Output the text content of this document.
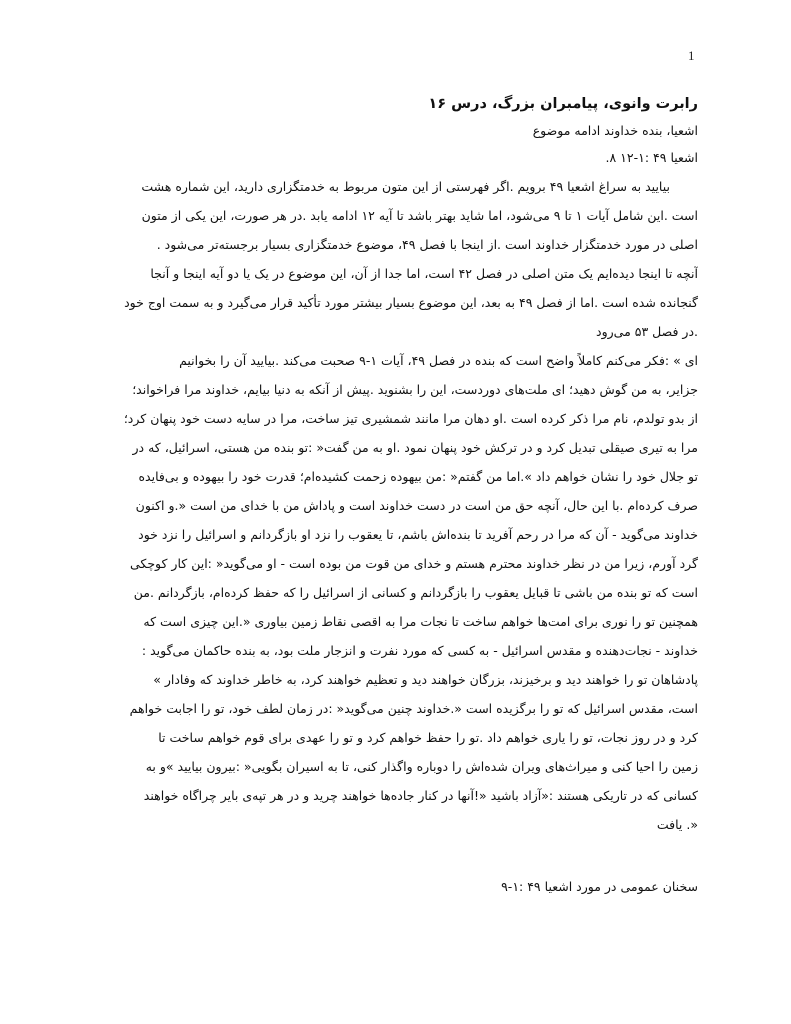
1
رابرت وانوی، پیامبران بزرگ، درس ۱۶
اشعیا، بنده خداوند ادامه موضوع
اشعیا ۴۹ :۱-۱۲ ۸.

بیایید به سراغ اشعیا ۴۹ برویم .اگر فهرستی از این متون مربوط به خدمتگزاری دارید، این شماره هشت
است .این شامل آیات ۱ تا ۹ می‌شود، اما شاید بهتر باشد تا آیه ۱۲ ادامه یابد .در هر صورت، این یکی از متون
اصلی در مورد خدمتگزار خداوند است .از اینجا با فصل ۴۹، موضوع خدمتگزاری بسیار برجسته‌تر می‌شود .
آنچه تا اینجا دیده‌ایم یک متن اصلی در فصل ۴۲ است، اما جدا از آن، این موضوع در یک یا دو آیه اینجا و آنجا
گنجانده شده است .اما از فصل ۴۹ به بعد، این موضوع بسیار بیشتر مورد تأکید قرار می‌گیرد و به سمت اوج خود
.در فصل ۵۳ می‌رود

ای » :فکر می‌کنم کاملاً واضح است که بنده در فصل ۴۹، آیات ۱-۹ صحبت می‌کند .بیایید آن را بخوانیم
جزایر، به من گوش دهید؛ ای ملت‌های دوردست، این را بشنوید .پیش از آنکه به دنیا بیایم، خداوند مرا فراخواند؛
از بدو تولدم، نام مرا ذکر کرده است .او دهان مرا مانند شمشیری تیز ساخت، مرا در سایه دست خود پنهان کرد؛
مرا به تیری صیقلی تبدیل کرد و در ترکش خود پنهان نمود .او به من گفت« :تو بنده من هستی، اسرائیل، که در
تو جلال خود را نشان خواهم داد ».اما من گفتم« :من بیهوده زحمت کشیده‌ام؛ قدرت خود را بیهوده و بی‌فایده
صرف کرده‌ام .با این حال، آنچه حق من است در دست خداوند است و پاداش من با خدای من است «.و اکنون
خداوند می‌گوید - آن که مرا در رحم آفرید تا بنده‌اش باشم، تا یعقوب را نزد او بازگردانم و اسرائیل را نزد خود
گرد آورم، زیرا من در نظر خداوند محترم هستم و خدای من قوت من بوده است - او می‌گوید« :این کار کوچکی
است که تو بنده من باشی تا قبایل یعقوب را بازگردانم و کسانی از اسرائیل را که حفظ کرده‌ام، بازگردانم .من
همچنین تو را نوری برای امت‌ها خواهم ساخت تا نجات مرا به اقصی نقاط زمین بیاوری «.این چیزی است که
خداوند - نجات‌دهنده و مقدس اسرائیل - به کسی که مورد نفرت و انزجار ملت بود، به بنده حاکمان می‌گوید :
پادشاهان تو را خواهند دید و برخیزند، بزرگان خواهند دید و تعظیم خواهند کرد، به خاطر خداوند که وفادار »
است، مقدس اسرائیل که تو را برگزیده است «.خداوند چنین می‌گوید« :در زمان لطف خود، تو را اجابت خواهم
کرد و در روز نجات، تو را یاری خواهم داد .تو را حفظ خواهم کرد و تو را عهدی برای قوم خواهم ساخت تا
زمین را احیا کنی و میراث‌های ویران شده‌اش را دوباره واگذار کنی، تا به اسیران بگویی« :بیرون بیایید »و به
کسانی که در تاریکی هستند :«آزاد باشید «!آنها در کنار جاده‌ها خواهند چرید و در هر تپه‌ی بایر چراگاه خواهند
«. یافت

سخنان عمومی در مورد اشعیا ۴۹ :۱-۹
